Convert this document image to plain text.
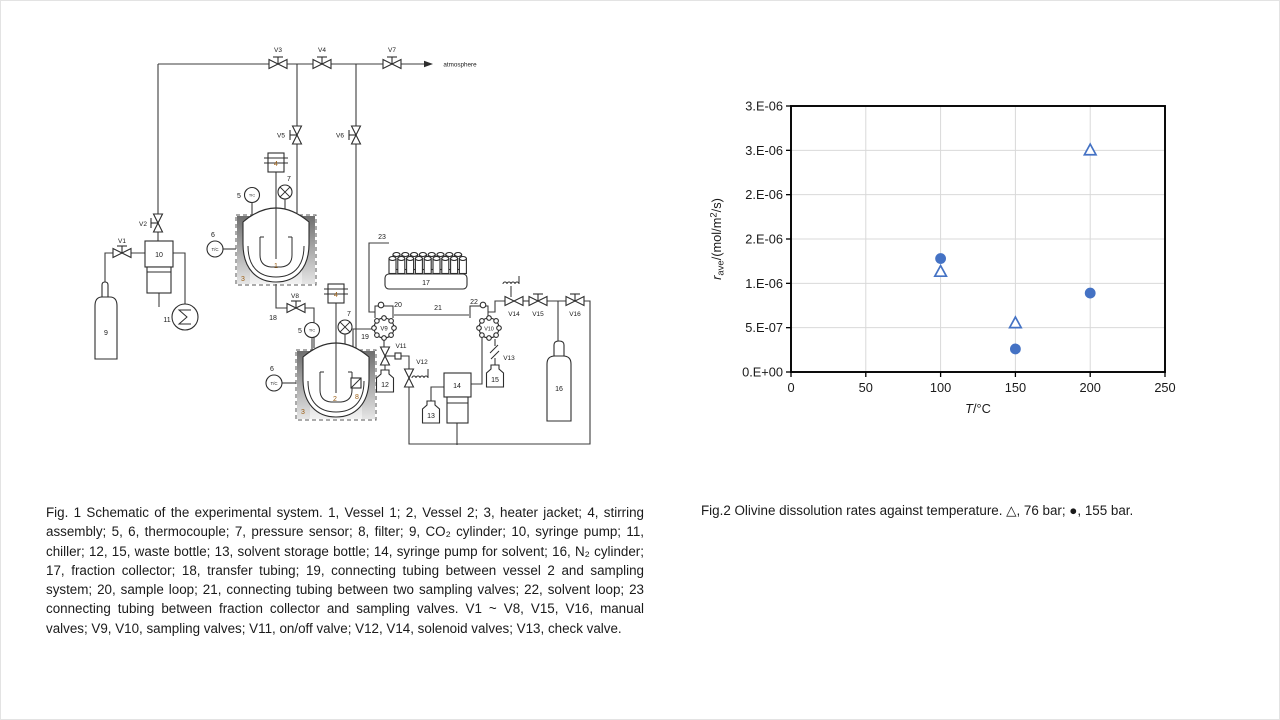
TIC
T/C
TIC
T/C
V9	V10
atmosphere
V1
V2
V3	V4
V5	V6
V7
V8
V11
V12
V13
V14 V15	V16
1
2
3
3
4
4
5
5
6
6
7
7
8
9
10
11
12
13
14
15
16
17
18
19
20	21
22
23
0	50	100	150	200	250
0.E+00
5.E-07
1.E-06
2.E-06
2.E-06
3.E-06
3.E-06
$r_{ave}/(mol/m^2/s)$
T/°C
Fig. 1 Schematic of the experimental system. 1, Vessel 1; 2, Vessel 2; 3, heater jacket; 4, stirring assembly; 5, 6, thermocouple; 7, pressure sensor; 8, filter; 9, CO₂ cylinder; 10, syringe pump; 11, chiller; 12, 15, waste bottle; 13, solvent storage bottle; 14, syringe pump for solvent; 16, N₂ cylinder; 17, fraction collector; 18, transfer tubing; 19, connecting tubing between vessel 2 and sampling system; 20, sample loop; 21, connecting tubing between two sampling valves; 22, solvent loop; 23 connecting tubing between fraction collector and sampling valves. V1 ~ V8, V15, V16, manual valves; V9, V10, sampling valves; V11, on/off valve; V12, V14, solenoid valves; V13, check valve.
Fig.2 Olivine dissolution rates against temperature. △, 76 bar; ●, 155 bar.
